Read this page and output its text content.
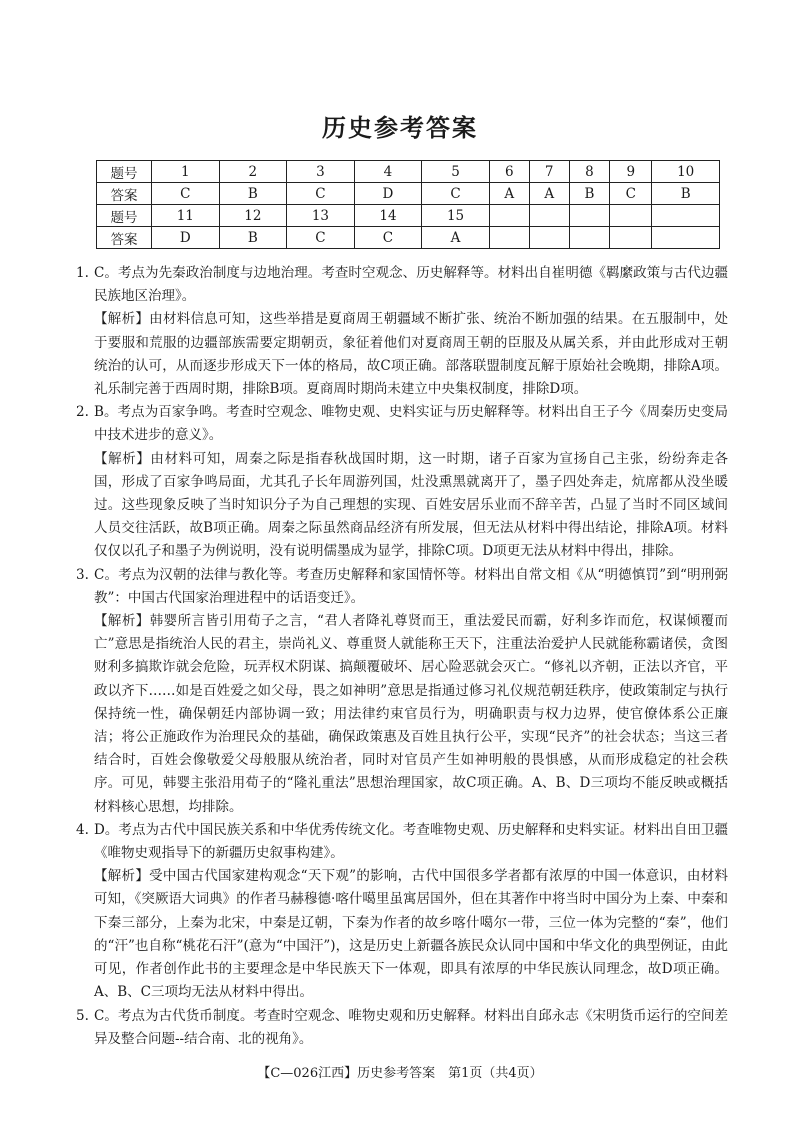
历史参考答案
题号	1	2	3	4	5	6	7	8	9	10
答案	C	B	C	D	C	A	A	B	C	B
题号	11	12	13	14	15					
答案	D	B	C	C	A					
1. C。考点为先秦政治制度与边地治理。考查时空观念、历史解释等。材料出自崔明德《羁縻政策与古代边疆民族地区治理》。

【解析】由材料信息可知，这些举措是夏商周王朝疆域不断扩张、统治不断加强的结果。在五服制中，处于要服和荒服的边疆部族需要定期朝贡，象征着他们对夏商周王朝的臣服及从属关系，并由此形成对王朝统治的认可，从而逐步形成天下一体的格局，故C项正确。部落联盟制度瓦解于原始社会晚期，排除A项。礼乐制完善于西周时期，排除B项。夏商周时期尚未建立中央集权制度，排除D项。

2. B。考点为百家争鸣。考查时空观念、唯物史观、史料实证与历史解释等。材料出自王子今《周秦历史变局中技术进步的意义》。

【解析】由材料可知，周秦之际是指春秋战国时期，这一时期，诸子百家为宣扬自己主张，纷纷奔走各国，形成了百家争鸣局面，尤其孔子长年周游列国，灶没熏黑就离开了，墨子四处奔走，炕席都从没坐暖过。这些现象反映了当时知识分子为自己理想的实现、百姓安居乐业而不辞辛苦，凸显了当时不同区域间人员交往活跃，故B项正确。周秦之际虽然商品经济有所发展，但无法从材料中得出结论，排除A项。材料仅仅以孔子和墨子为例说明，没有说明儒墨成为显学，排除C项。D项更无法从材料中得出，排除。

3. C。考点为汉朝的法律与教化等。考查历史解释和家国情怀等。材料出自常文相《从“明德慎罚”到“明刑弼教”：中国古代国家治理进程中的话语变迁》。

【解析】韩婴所言皆引用荀子之言，“君人者降礼尊贤而王，重法爱民而霸，好利多诈而危，权谋倾覆而亡”意思是指统治人民的君主，崇尚礼义、尊重贤人就能称王天下，注重法治爱护人民就能称霸诸侯，贪图财利多搞欺诈就会危险，玩弄权术阴谋、搞颠覆破坏、居心险恶就会灭亡。“修礼以齐朝，正法以齐官，平政以齐下……如是百姓爱之如父母，畏之如神明”意思是指通过修习礼仪规范朝廷秩序，使政策制定与执行保持统一性，确保朝廷内部协调一致；用法律约束官员行为，明确职责与权力边界，使官僚体系公正廉洁；将公正施政作为治理民众的基础，确保政策惠及百姓且执行公平，实现“民齐”的社会状态；当这三者结合时，百姓会像敬爱父母般服从统治者，同时对官员产生如神明般的畏惧感，从而形成稳定的社会秩序。可见，韩婴主张沿用荀子的“隆礼重法”思想治理国家，故C项正确。A、B、D三项均不能反映或概括材料核心思想，均排除。

4. D。考点为古代中国民族关系和中华优秀传统文化。考查唯物史观、历史解释和史料实证。材料出自田卫疆《唯物史观指导下的新疆历史叙事构建》。

【解析】受中国古代国家建构观念“天下观”的影响，古代中国很多学者都有浓厚的中国一体意识，由材料可知，《突厥语大词典》的作者马赫穆德·喀什噶里虽寓居国外，但在其著作中将当时中国分为上秦、中秦和下秦三部分，上秦为北宋，中秦是辽朝，下秦为作者的故乡喀什噶尔一带，三位一体为完整的“秦”，他们的“汗”也自称“桃花石汗”(意为“中国汗”)，这是历史上新疆各族民众认同中国和中华文化的典型例证，由此可见，作者创作此书的主要理念是中华民族天下一体观，即具有浓厚的中华民族认同理念，故D项正确。A、B、C三项均无法从材料中得出。

5. C。考点为古代货币制度。考查时空观念、唯物史观和历史解释。材料出自邱永志《宋明货币运行的空间差异及整合问题--结合南、北的视角》。

【C—026江西】历史参考答案　第1页（共4页）
